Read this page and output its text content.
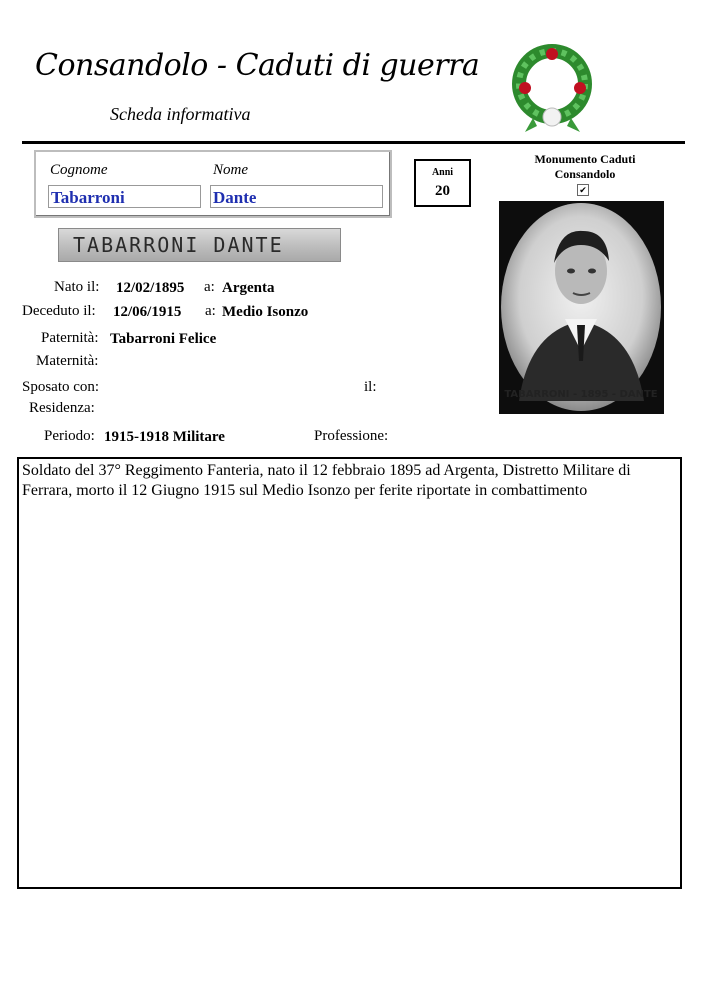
Consandolo - Caduti di guerra
Scheda informativa
Cognome	Nome
Tabarroni	Dante
Anni
20
Monumento Caduti
Consandolo
✔
TABARRONI DANTE
TABARRONI - 1895 - DANTE
Nato il: 12/02/1895 a: Argenta
Deceduto il: 12/06/1915 a: Medio Isonzo
Paternità: Tabarroni Felice
Maternità:
Sposato con:	il:
Residenza:
Periodo: 1915-1918 Militare	Professione:
Soldato del 37° Reggimento Fanteria, nato il 12 febbraio 1895 ad Argenta, Distretto Militare di Ferrara, morto il 12 Giugno 1915 sul Medio Isonzo per ferite riportate in combattimento
